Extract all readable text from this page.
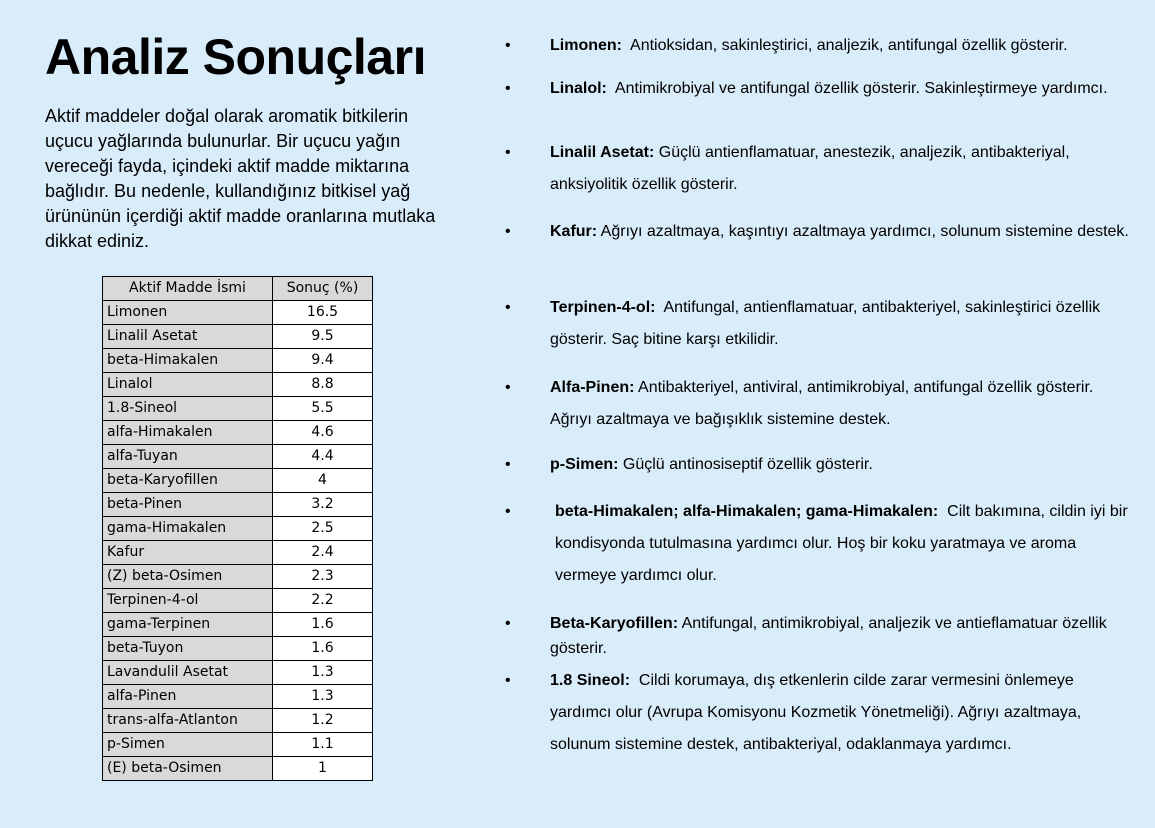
Analiz Sonuçları
Aktif maddeler doğal olarak aromatik bitkilerin uçucu yağlarında bulunurlar. Bir uçucu yağın vereceği fayda, içindeki aktif madde miktarına bağlıdır. Bu nedenle, kullandığınız bitkisel yağ ürününün içerdiği aktif madde oranlarına mutlaka dikkat ediniz.
Aktif Madde İsmi	Sonuç (%)
Limonen	16.5
Linalil Asetat	9.5
beta-Himakalen	9.4
Linalol	8.8
1.8-Sineol	5.5
alfa-Himakalen	4.6
alfa-Tuyan	4.4
beta-Karyofillen	4
beta-Pinen	3.2
gama-Himakalen	2.5
Kafur	2.4
(Z) beta-Osimen	2.3
Terpinen-4-ol	2.2
gama-Terpinen	1.6
beta-Tuyon	1.6
Lavandulil Asetat	1.3
alfa-Pinen	1.3
trans-alfa-Atlanton	1.2
p-Simen	1.1
(E) beta-Osimen	1
•	Limonen: Antioksidan, sakinleştirici, analjezik, antifungal özellik gösterir.
•	Linalol: Antimikrobiyal ve antifungal özellik gösterir. Sakinleştirmeye yardımcı.
•	Linalil Asetat: Güçlü antienflamatuar, anestezik, analjezik, antibakteriyal, anksiyolitik özellik gösterir.
•	Kafur: Ağrıyı azaltmaya, kaşıntıyı azaltmaya yardımcı, solunum sistemine destek.
•	Terpinen-4-ol: Antifungal, antienflamatuar, antibakteriyel, sakinleştirici özellik gösterir. Saç bitine karşı etkilidir.
•	Alfa-Pinen: Antibakteriyel, antiviral, antimikrobiyal, antifungal özellik gösterir. Ağrıyı azaltmaya ve bağışıklık sistemine destek.
•	p-Simen: Güçlü antinosiseptif özellik gösterir.
•	beta-Himakalen; alfa-Himakalen; gama-Himakalen: Cilt bakımına, cildin iyi bir kondisyonda tutulmasına yardımcı olur. Hoş bir koku yaratmaya ve aroma vermeye yardımcı olur.
•	Beta-Karyofillen: Antifungal, antimikrobiyal, analjezik ve antieflamatuar özellik gösterir.
•	1.8 Sineol: Cildi korumaya, dış etkenlerin cilde zarar vermesini önlemeye yardımcı olur (Avrupa Komisyonu Kozmetik Yönetmeliği). Ağrıyı azaltmaya, solunum sistemine destek, antibakteriyal, odaklanmaya yardımcı.
